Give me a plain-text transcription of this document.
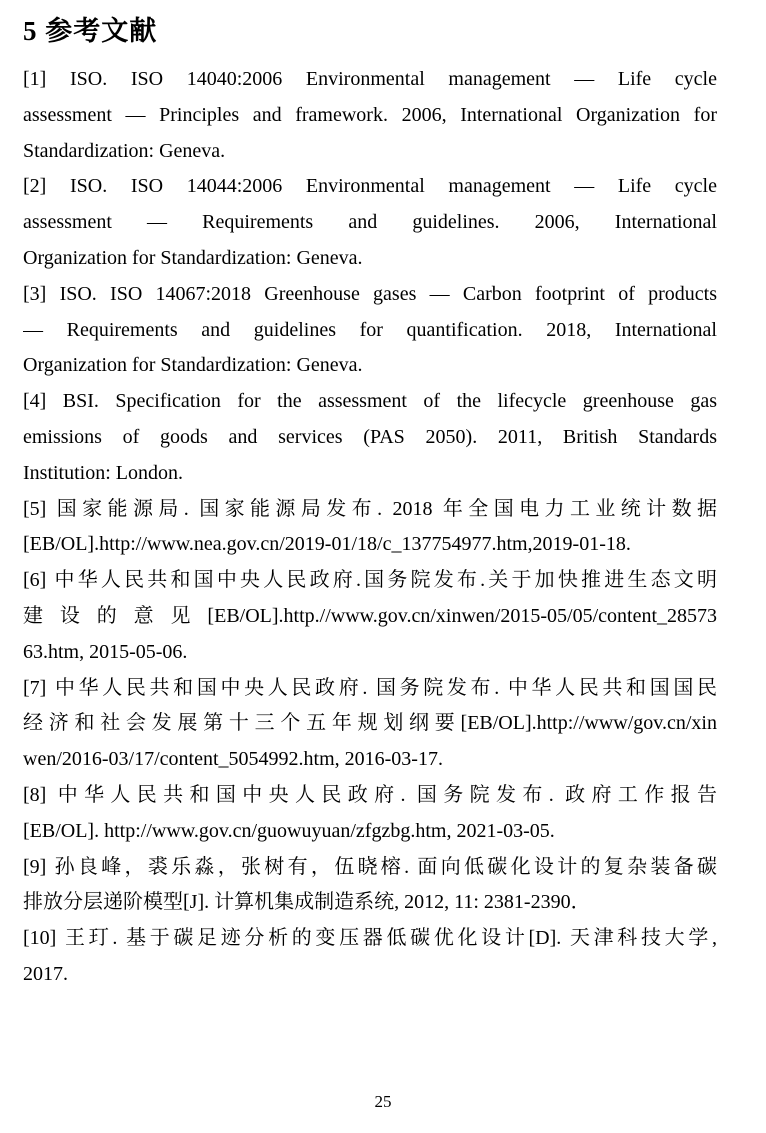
5 参考文献
[1] ISO. ISO 14040:2006 Environmental management — Life cycle
assessment — Principles and framework. 2006, International Organization for
Standardization: Geneva.
[2] ISO. ISO 14044:2006 Environmental management — Life cycle
assessment — Requirements and guidelines. 2006, International
Organization for Standardization: Geneva.
[3] ISO. ISO 14067:2018 Greenhouse gases — Carbon footprint of products
— Requirements and guidelines for quantification. 2018, International
Organization for Standardization: Geneva.
[4] BSI. Specification for the assessment of the lifecycle greenhouse gas
emissions of goods and services (PAS 2050). 2011, British Standards
Institution: London.
[5] 国家能源局. 国家能源局发布. 2018 年全国电力工业统计数据
[EB/OL].http://www.nea.gov.cn/2019-01/18/c_137754977.htm,2019-01-18.
[6] 中华人民共和国中央人民政府.国务院发布.关于加快推进生态文明
建设的意见[EB/OL].http.//www.gov.cn/xinwen/2015-05/05/content_28573
63.htm, 2015-05-06.
[7] 中华人民共和国中央人民政府. 国务院发布. 中华人民共和国国民
经济和社会发展第十三个五年规划纲要[EB/OL].http://www/gov.cn/xin
wen/2016-03/17/content_5054992.htm, 2016-03-17.
[8] 中华人民共和国中央人民政府. 国务院发布. 政府工作报告
[EB/OL]. http://www.gov.cn/guowuyuan/zfgzbg.htm, 2021-03-05.
[9] 孙良峰，裘乐淼，张树有，伍晓榕. 面向低碳化设计的复杂装备碳
排放分层递阶模型[J]. 计算机集成制造系统, 2012, 11: 2381-2390．
[10] 王玎. 基于碳足迹分析的变压器低碳优化设计[D]. 天津科技大学,
2017.
25
